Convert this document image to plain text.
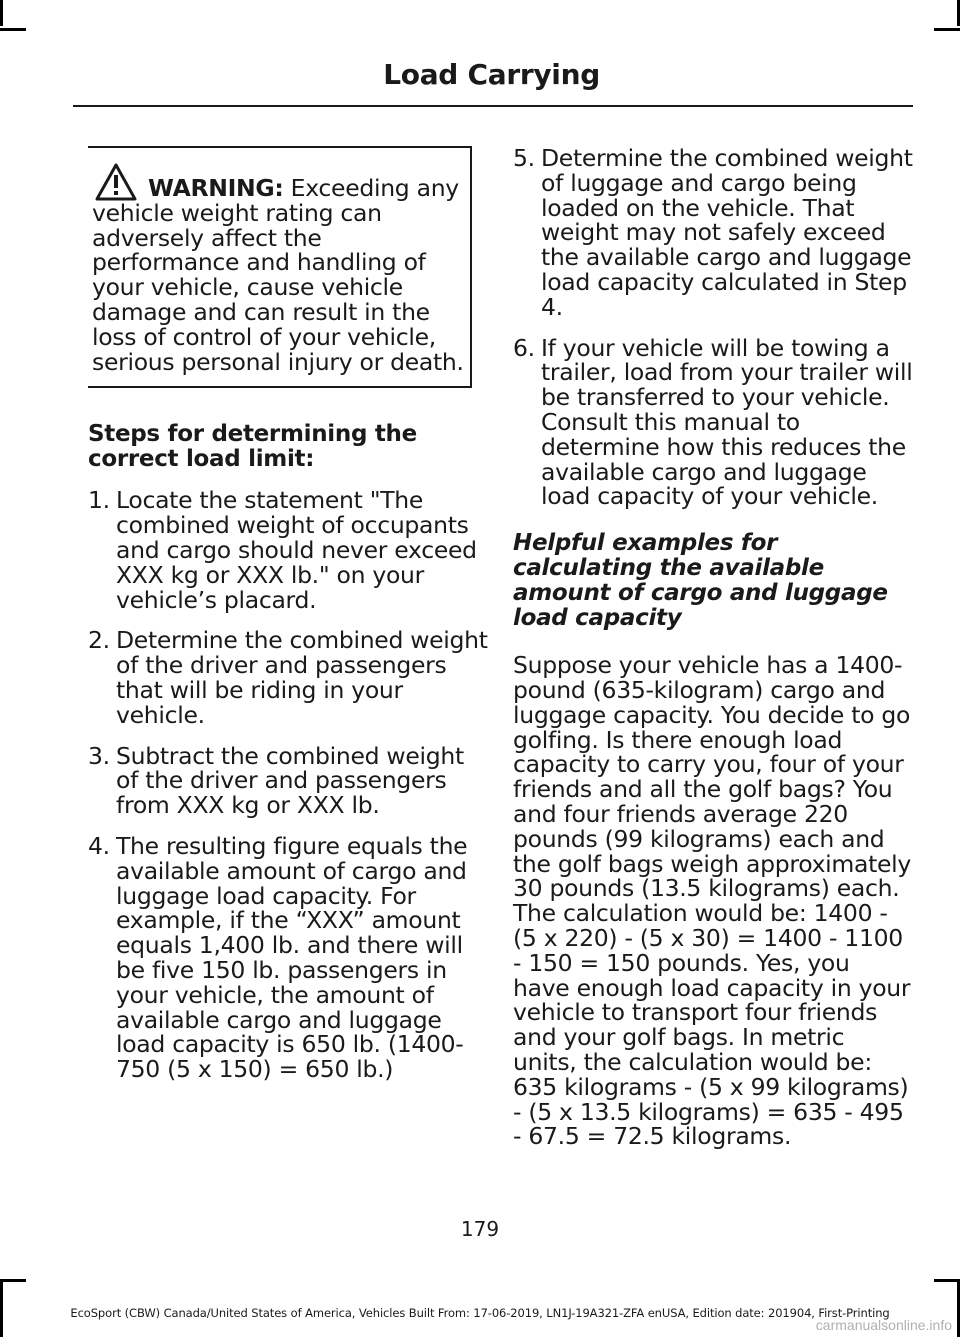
Load Carrying
WARNING: Exceeding any vehicle weight rating can adversely affect the performance and handling of your vehicle, cause vehicle damage and can result in the loss of control of your vehicle, serious personal injury or death.
Steps for determining the correct load limit:
1. Locate the statement "The combined weight of occupants and cargo should never exceed XXX kg or XXX lb." on your vehicle’s placard.
2. Determine the combined weight of the driver and passengers that will be riding in your vehicle.
3. Subtract the combined weight of the driver and passengers from XXX kg or XXX lb.
4. The resulting figure equals the available amount of cargo and luggage load capacity. For example, if the “XXX” amount equals 1,400 lb. and there will be five 150 lb. passengers in your vehicle, the amount of available cargo and luggage load capacity is 650 lb. (1400-750 (5 x 150) = 650 lb.)
5. Determine the combined weight of luggage and cargo being loaded on the vehicle. That weight may not safely exceed the available cargo and luggage load capacity calculated in Step 4.
6. If your vehicle will be towing a trailer, load from your trailer will be transferred to your vehicle. Consult this manual to determine how this reduces the available cargo and luggage load capacity of your vehicle.
Helpful examples for calculating the available amount of cargo and luggage load capacity

Suppose your vehicle has a 1400-pound (635-kilogram) cargo and luggage capacity. You decide to go golfing. Is there enough load capacity to carry you, four of your friends and all the golf bags? You and four friends average 220 pounds (99 kilograms) each and the golf bags weigh approximately 30 pounds (13.5 kilograms) each. The calculation would be: 1400 - (5 x 220) - (5 x 30) = 1400 - 1100 - 150 = 150 pounds. Yes, you have enough load capacity in your vehicle to transport four friends and your golf bags. In metric units, the calculation would be: 635 kilograms - (5 x 99 kilograms) - (5 x 13.5 kilograms) = 635 - 495 - 67.5 = 72.5 kilograms.

179
EcoSport (CBW) Canada/United States of America, Vehicles Built From: 17-06-2019, LN1J-19A321-ZFA enUSA, Edition date: 201904, First-Printing
carmanualsonline.info
